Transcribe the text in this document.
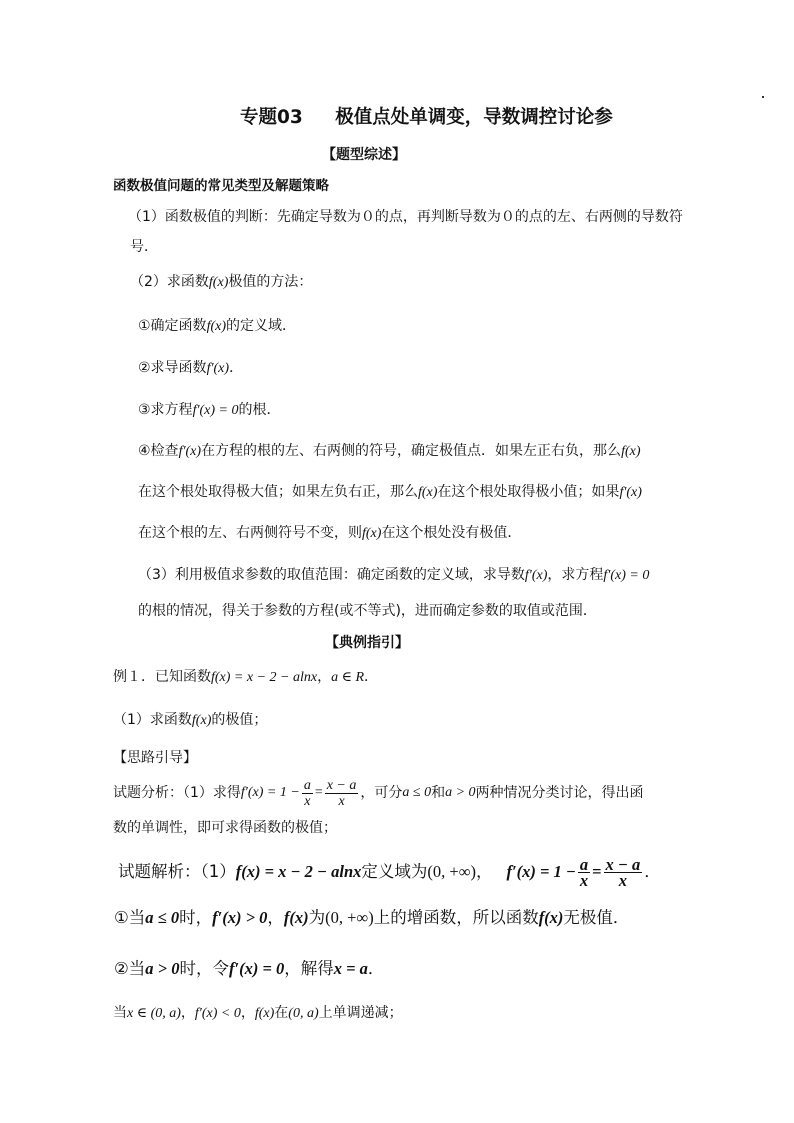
专题03 极值点处单调变，导数调控讨论参
【题型综述】
函数极值问题的常见类型及解题策略
（1）函数极值的判断：先确定导数为０的点，再判断导数为０的点的左、右两侧的导数符
号．
（2）求函数f(x)极值的方法：
①确定函数f(x)的定义域．
②求导函数f′(x)．
③求方程f′(x) = 0的根．
④检查f′(x)在方程的根的左、右两侧的符号，确定极值点．如果左正右负，那么f(x)
在这个根处取得极大值；如果左负右正，那么f(x)在这个根处取得极小值；如果f′(x)
在这个根的左、右两侧符号不变，则f(x)在这个根处没有极值．
（3）利用极值求参数的取值范围：确定函数的定义域，求导数f′(x)，求方程f′(x) = 0
的根的情况，得关于参数的方程(或不等式)，进而确定参数的取值或范围．
【典例指引】
例１．已知函数f(x) = x − 2 − alnx，a ∈ R．
（1）求函数f(x)的极值；
【思路引导】
试题分析：（1）求得 $f'(x) = 1 - \frac{a}{x} = \frac{x - a}{x}$ ，可分 a ≤ 0 和 a > 0 两种情况分类讨论，得出函
数的单调性，即可求得函数的极值；
试题解析：（1） f(x) = x − 2 − alnx 定义域为 (0, +∞) ， $f'(x) = 1 - \frac{a}{x} = \frac{x - a}{x}$ ．
①当a ≤ 0时，f′(x) > 0，f(x)为(0, +∞)上的增函数，所以函数f(x)无极值．
②当a > 0时，令f′(x) = 0，解得x = a．
当x ∈ (0, a)，f′(x) < 0，f(x)在(0, a)上单调递减；
